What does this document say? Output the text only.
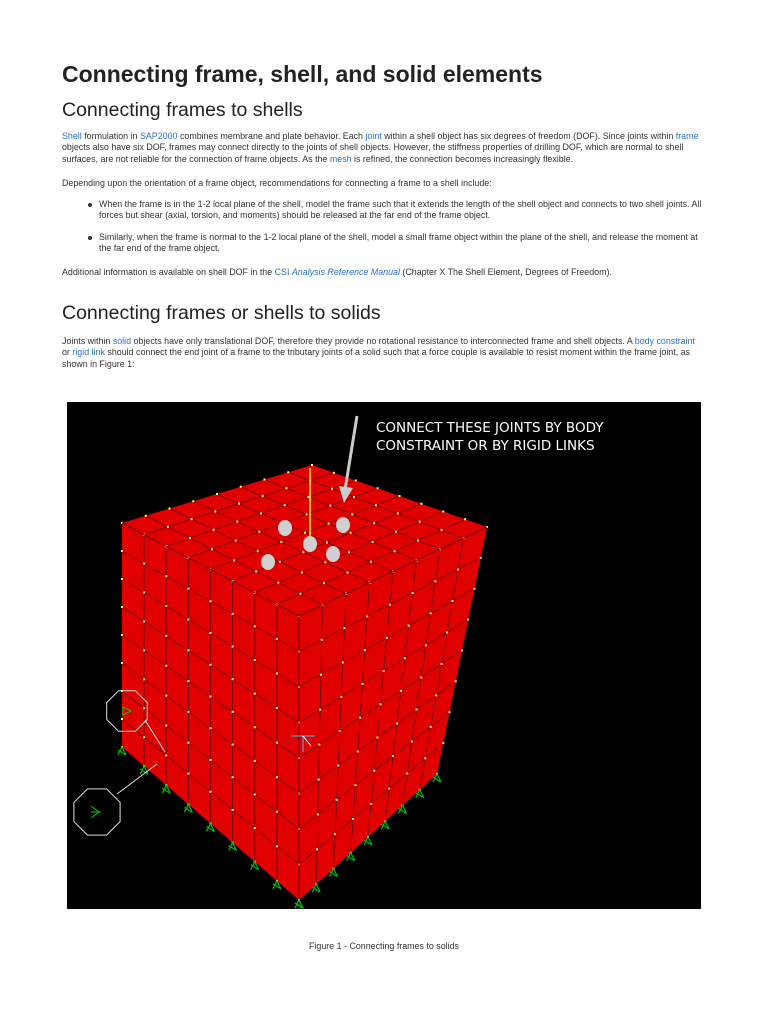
Connecting frame, shell, and solid elements
Connecting frames to shells

Shell formulation in SAP2000 combines membrane and plate behavior. Each joint within a shell object has six degrees of freedom (DOF). Since joints within frame objects also have six DOF, frames may connect directly to the joints of shell objects. However, the stiffness properties of drilling DOF, which are normal to shell surfaces, are not reliable for the connection of frame objects. As the mesh is refined, the connection becomes increasingly flexible.

Depending upon the orientation of a frame object, recommendations for connecting a frame to a shell include:

When the frame is in the 1-2 local plane of the shell, model the frame such that it extends the length of the shell object and connects to two shell joints. All forces but shear (axial, torsion, and moments) should be released at the far end of the frame object.
Similarly, when the frame is normal to the 1-2 local plane of the shell, model a small frame object within the plane of the shell, and release the moment at the far end of the frame object.

Additional information is available on shell DOF in the CSI Analysis Reference Manual (Chapter X The Shell Element, Degrees of Freedom).

Connecting frames or shells to solids

Joints within solid objects have only translational DOF, therefore they provide no rotational resistance to interconnected frame and shell objects. A body constraint or rigid link should connect the end joint of a frame to the tributary joints of a solid such that a force couple is available to resist moment within the frame joint, as shown in Figure 1:

CONNECT THESE JOINTS BY BODY
CONSTRAINT OR BY RIGID LINKS
Figure 1 - Connecting frames to solids
